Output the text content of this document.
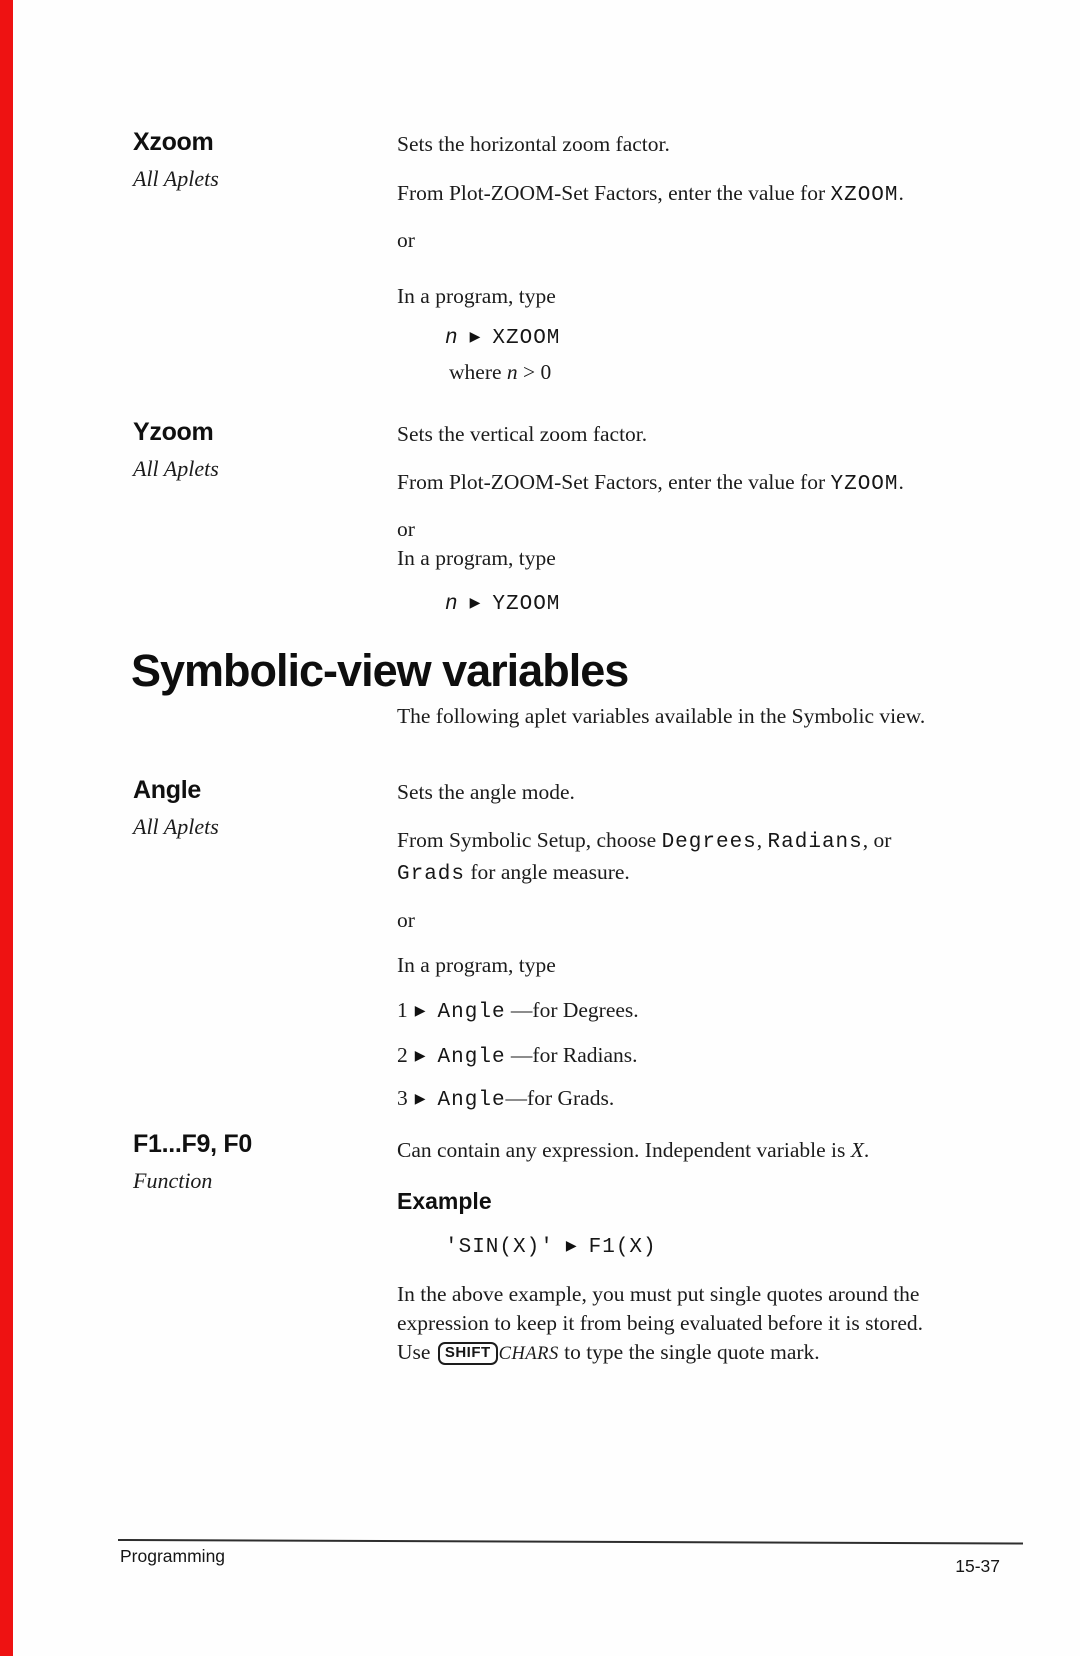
Xzoom
All Aplets
Sets the horizontal zoom factor.
From Plot-ZOOM-Set Factors, enter the value for XZOOM.
or
In a program, type
n ▶ XZOOM
where n > 0
Yzoom
All Aplets
Sets the vertical zoom factor.
From Plot-ZOOM-Set Factors, enter the value for YZOOM.
or
In a program, type
n ▶ YZOOM
Symbolic-view variables
The following aplet variables available in the Symbolic view.
Angle
All Aplets
Sets the angle mode.
From Symbolic Setup, choose Degrees, Radians, or
Grads for angle measure.
or
In a program, type
1 ▶ Angle —for Degrees.
2 ▶ Angle —for Radians.
3 ▶ Angle—for Grads.
F1...F9, F0
Function
Can contain any expression. Independent variable is X.
Example
'SIN(X)' ▶ F1(X)
In the above example, you must put single quotes around the
expression to keep it from being evaluated before it is stored.
Use SHIFT CHARS to type the single quote mark.
Programming	15-37
